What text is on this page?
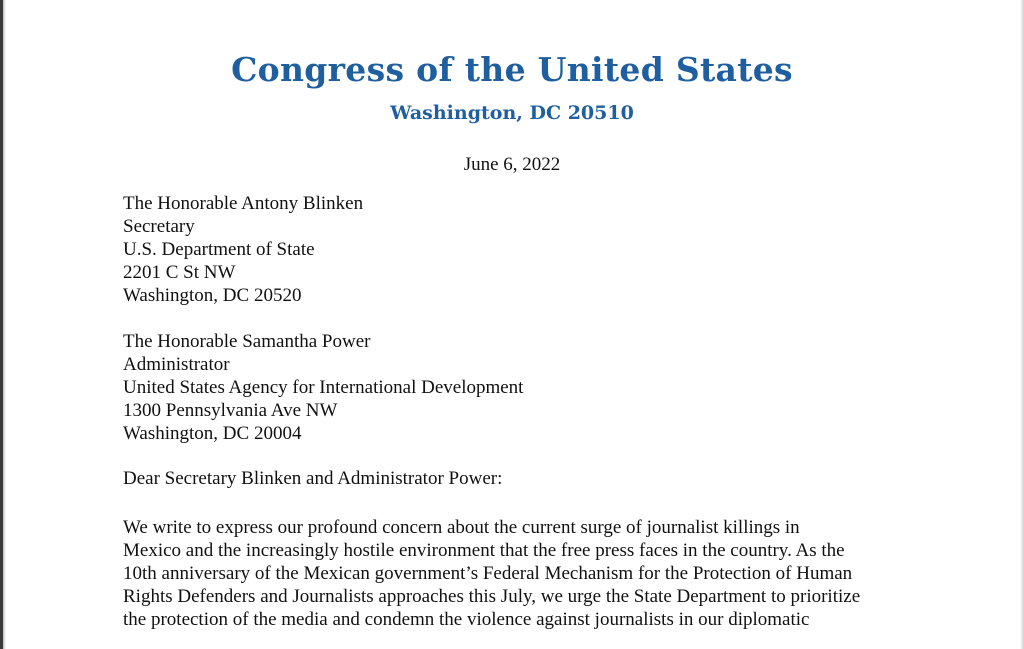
Congress of the United States
Washington, DC 20510
June 6, 2022
The Honorable Antony Blinken
Secretary
U.S. Department of State
2201 C St NW
Washington, DC 20520
The Honorable Samantha Power
Administrator
United States Agency for International Development
1300 Pennsylvania Ave NW
Washington, DC 20004
Dear Secretary Blinken and Administrator Power:
We write to express our profound concern about the current surge of journalist killings in
Mexico and the increasingly hostile environment that the free press faces in the country. As the
10th anniversary of the Mexican government’s Federal Mechanism for the Protection of Human
Rights Defenders and Journalists approaches this July, we urge the State Department to prioritize
the protection of the media and condemn the violence against journalists in our diplomatic
